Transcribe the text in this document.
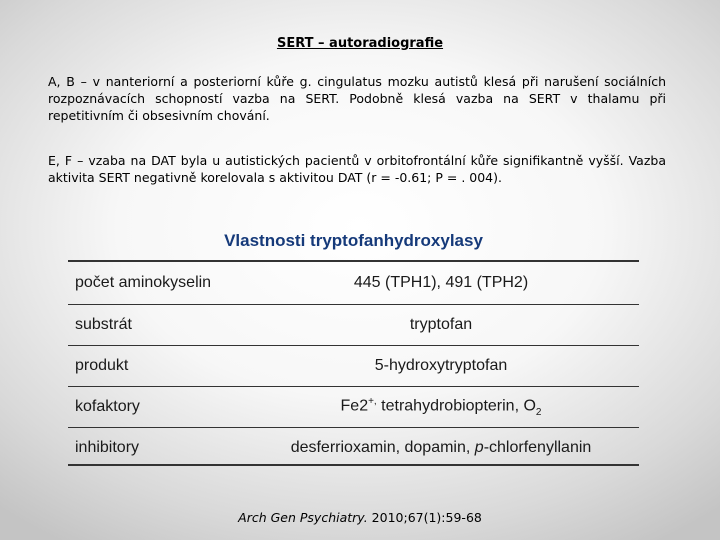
SERT – autoradiografie

A, B – v nanteriorní a posteriorní kůře g. cingulatus mozku autistů klesá při narušení sociálních rozpoznávacích schopností vazba na SERT. Podobně klesá vazba na SERT v thalamu při repetitivním či obsesivním chování.

E, F – vzaba na DAT byla u autistických pacientů v orbitofrontální kůře signifikantně vyšší. Vazba aktivita SERT negativně korelovala s aktivitou DAT (r = -0.61; P = . 004).

Vlastnosti tryptofanhydroxylasy
počet aminokyselin	445 (TPH1), 491 (TPH2)
substrát	tryptofan
produkt	5-hydroxytryptofan
kofaktory	Fe2+, tetrahydrobiopterin, $O_2$
inhibitory	desferrioxamin, dopamin, p-chlorfenyllanin
Arch Gen Psychiatry. 2010;67(1):59-68
